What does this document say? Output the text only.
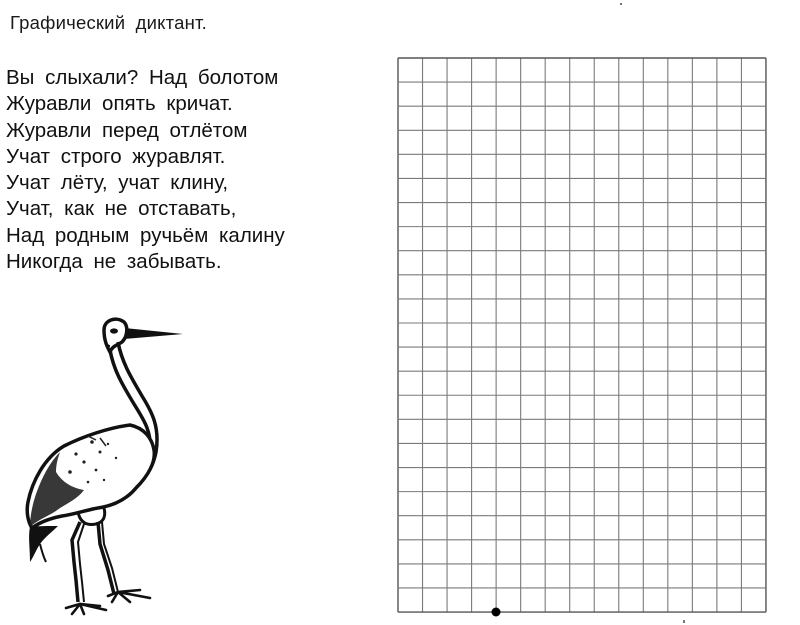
Графический диктант.
Вы слыхали? Над болотом
Журавли опять кричат.
Журавли перед отлётом
Учат строго журавлят.
Учат лёту, учат клину,
Учат, как не отставать,
Над родным ручьём калину
Никогда не забывать.
